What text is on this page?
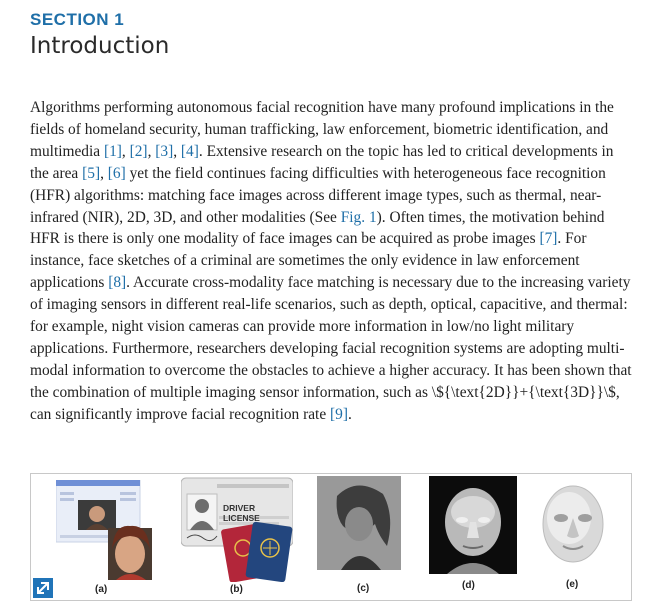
SECTION 1
Introduction
Algorithms performing autonomous facial recognition have many profound implications in the fields of homeland security, human trafficking, law enforcement, biometric identification, and multimedia [1], [2], [3], [4]. Extensive research on the topic has led to critical developments in the area [5], [6] yet the field continues facing difficulties with heterogeneous face recognition (HFR) algorithms: matching face images across different image types, such as thermal, near-infrared (NIR), 2D, 3D, and other modalities (See Fig. 1). Often times, the motivation behind HFR is there is only one modality of face images can be acquired as probe images [7]. For instance, face sketches of a criminal are sometimes the only evidence in law enforcement applications [8]. Accurate cross-modality face matching is necessary due to the increasing variety of imaging sensors in different real-life scenarios, such as depth, optical, capacitive, and thermal: for example, night vision cameras can provide more information in low/no light military applications. Furthermore, researchers developing facial recognition systems are adopting multi-modal information to overcome the obstacles to achieve a higher accuracy. It has been shown that the combination of multiple imaging sensor information, such as \${\text{2D}}+{\text{3D}}\$, can significantly improve facial recognition rate [9].
DRIVER LICENSE
(a)	(b)	(c)	(d)	(e)
